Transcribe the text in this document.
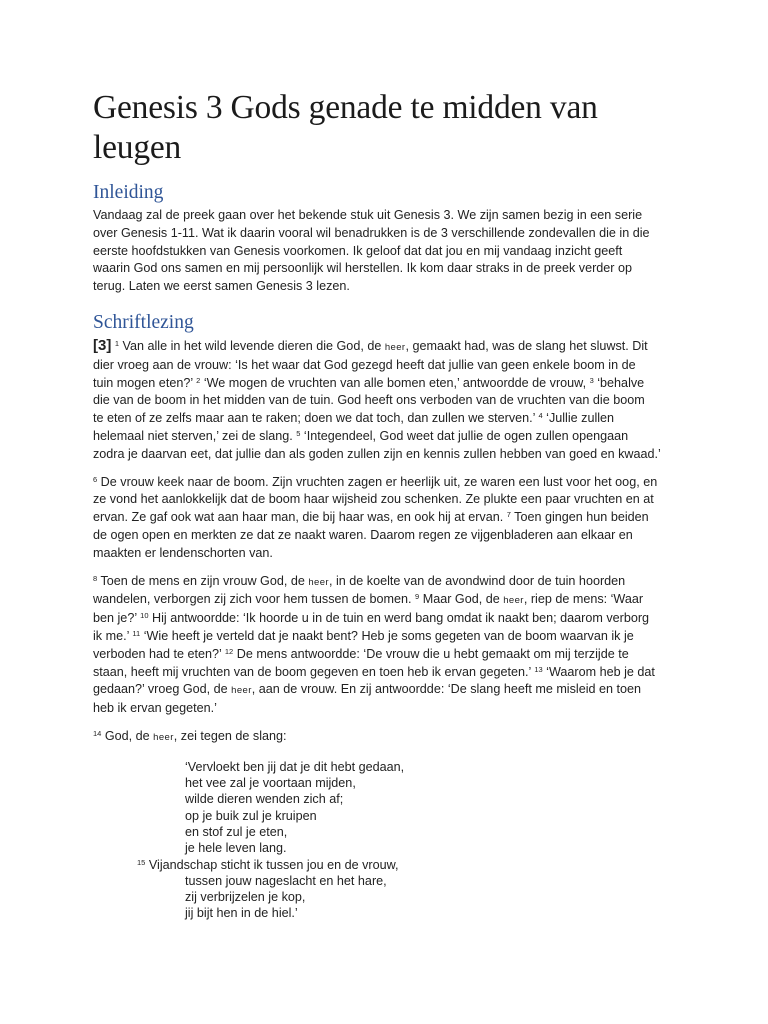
Genesis 3 Gods genade te midden van
leugen
Inleiding

Vandaag zal de preek gaan over het bekende stuk uit Genesis 3. We zijn samen bezig in een serie
over Genesis 1-11. Wat ik daarin vooral wil benadrukken is de 3 verschillende zondevallen die in die
eerste hoofdstukken van Genesis voorkomen. Ik geloof dat dat jou en mij vandaag inzicht geeft
waarin God ons samen en mij persoonlijk wil herstellen. Ik kom daar straks in de preek verder op
terug. Laten we eerst samen Genesis 3 lezen.

Schriftlezing

[3] $^1$ Van alle in het wild levende dieren die God, de heer, gemaakt had, was de slang het sluwst. Dit
dier vroeg aan de vrouw: ‘Is het waar dat God gezegd heeft dat jullie van geen enkele boom in de
tuin mogen eten?’ $^2$ ‘We mogen de vruchten van alle bomen eten,’ antwoordde de vrouw, $^3$ ‘behalve
die van de boom in het midden van de tuin. God heeft ons verboden van de vruchten van die boom
te eten of ze zelfs maar aan te raken; doen we dat toch, dan zullen we sterven.’ $^4$ ‘Jullie zullen
helemaal niet sterven,’ zei de slang. $^5$ ‘Integendeel, God weet dat jullie de ogen zullen opengaan
zodra je daarvan eet, dat jullie dan als goden zullen zijn en kennis zullen hebben van goed en kwaad.’

$^6$ De vrouw keek naar de boom. Zijn vruchten zagen er heerlijk uit, ze waren een lust voor het oog, en
ze vond het aanlokkelijk dat de boom haar wijsheid zou schenken. Ze plukte een paar vruchten en at
ervan. Ze gaf ook wat aan haar man, die bij haar was, en ook hij at ervan. $^7$ Toen gingen hun beiden
de ogen open en merkten ze dat ze naakt waren. Daarom regen ze vijgenbladeren aan elkaar en
maakten er lendenschorten van.

$^8$ Toen de mens en zijn vrouw God, de heer, in de koelte van de avondwind door de tuin hoorden
wandelen, verborgen zij zich voor hem tussen de bomen. $^9$ Maar God, de heer, riep de mens: ‘Waar
ben je?’ $^{10}$ Hij antwoordde: ‘Ik hoorde u in de tuin en werd bang omdat ik naakt ben; daarom verborg
ik me.’ $^{11}$ ‘Wie heeft je verteld dat je naakt bent? Heb je soms gegeten van de boom waarvan ik je
verboden had te eten?’ $^{12}$ De mens antwoordde: ‘De vrouw die u hebt gemaakt om mij terzijde te
staan, heeft mij vruchten van de boom gegeven en toen heb ik ervan gegeten.’ $^{13}$ ‘Waarom heb je dat
gedaan?’ vroeg God, de heer, aan de vrouw. En zij antwoordde: ‘De slang heeft me misleid en toen
heb ik ervan gegeten.’

$^{14}$ God, de heer, zei tegen de slang:

‘Vervloekt ben jij dat je dit hebt gedaan,
het vee zal je voortaan mijden,
wilde dieren wenden zich af;
op je buik zul je kruipen
en stof zul je eten,
je hele leven lang.
$^{15}$ Vijandschap sticht ik tussen jou en de vrouw,
tussen jouw nageslacht en het hare,
zij verbrijzelen je kop,
jij bijt hen in de hiel.’
